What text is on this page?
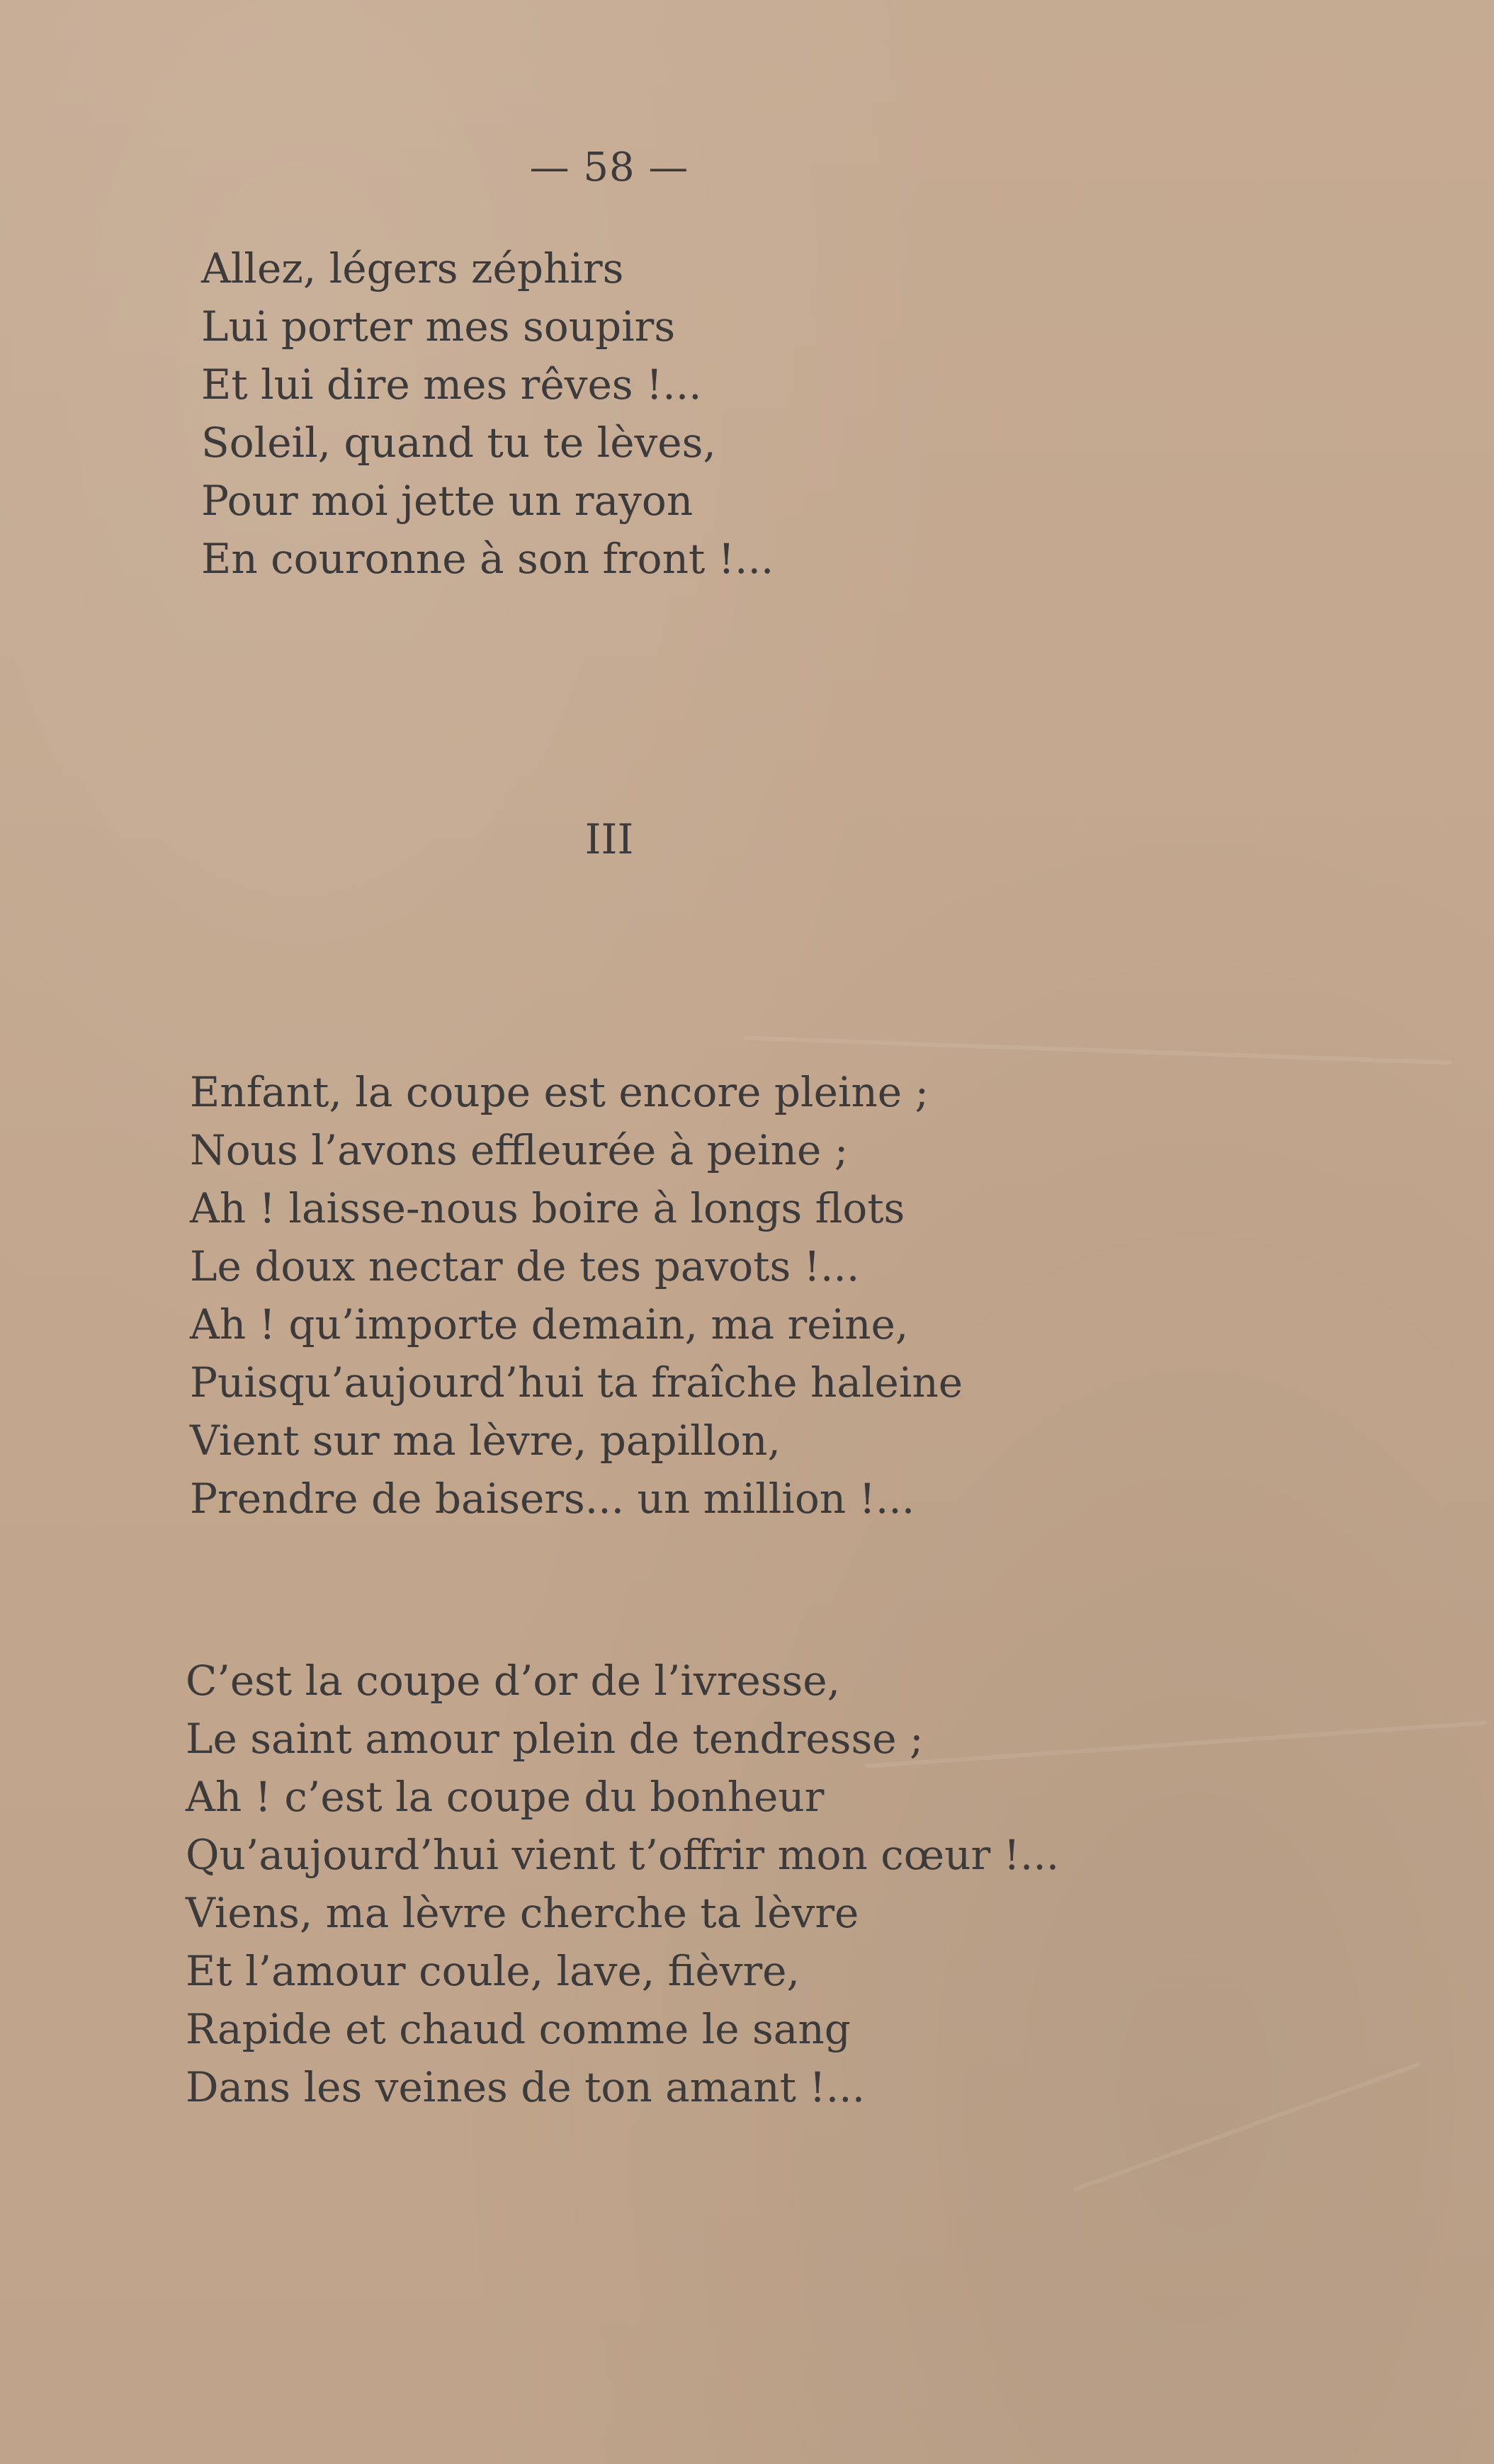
— 58 —
Allez, légers zéphirs
Lui porter mes soupirs
Et lui dire mes rêves !...
Soleil, quand tu te lèves,
Pour moi jette un rayon
En couronne à son front !...
III
Enfant, la coupe est encore pleine ;
Nous l’avons effleurée à peine ;
Ah ! laisse-nous boire à longs flots
Le doux nectar de tes pavots !...
Ah ! qu’importe demain, ma reine,
Puisqu’aujourd’hui ta fraîche haleine
Vient sur ma lèvre, papillon,
Prendre de baisers... un million !...
C’est la coupe d’or de l’ivresse,
Le saint amour plein de tendresse ;
Ah ! c’est la coupe du bonheur
Qu’aujourd’hui vient t’offrir mon cœur !...
Viens, ma lèvre cherche ta lèvre
Et l’amour coule, lave, fièvre,
Rapide et chaud comme le sang
Dans les veines de ton amant !...
